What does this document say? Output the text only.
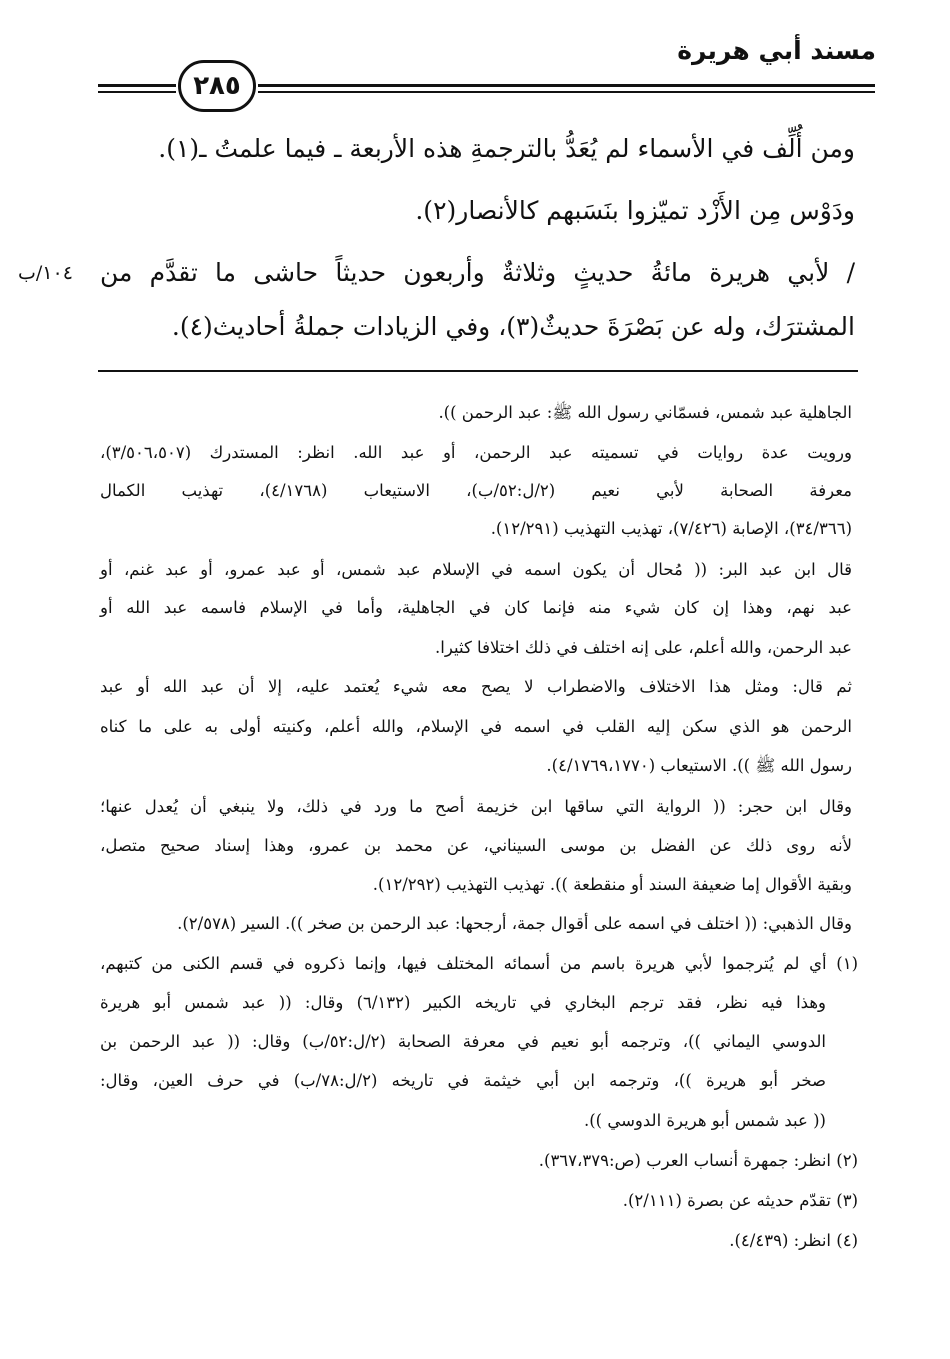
مسند أبي هريرة
٢٨٥
ومن أُلِّف في الأسماء لم يُعَدُّ بالترجمةِ هذه الأربعة ـ فيما علمتُ ـ(١).
ودَوْس مِن الأَزْد تميّزوا بنَسَبهم كالأنصار(٢).
/ لأبي هريرة مائةُ حديثٍ وثلاثةٌ وأربعون حديثاً حاشى ما تقدَّم من
المشترَك، وله عن بَصْرَةَ حديثٌ(٣)، وفي الزيادات جملةُ أحاديث(٤).
١٠٤/ب
الجاهلية عبد شمس، فسمّاني رسول الله ﷺ: عبد الرحمن )).
ورويت عدة روايات في تسميته عبد الرحمن، أو عبد الله. انظر: المستدرك (٣/٥٠٦،٥٠٧)،
معرفة الصحابة لأبي نعيم (٢/ل:٥٢/ب)، الاستيعاب (٤/١٧٦٨)، تهذيب الكمال
(٣٤/٣٦٦)، الإصابة (٧/٤٢٦)، تهذيب التهذيب (١٢/٢٩١).
قال ابن عبد البر: (( مُحال أن يكون اسمه في الإسلام عبد شمس، أو عبد عمرو، أو عبد غنم، أو
عبد نهم، وهذا إن كان شيء منه فإنما كان في الجاهلية، وأما في الإسلام فاسمه عبد الله أو
عبد الرحمن، والله أعلم، على إنه اختلف في ذلك اختلافا كثيرا.
ثم قال: ومثل هذا الاختلاف والاضطراب لا يصح معه شيء يُعتمد عليه، إلا أن عبد الله أو عبد
الرحمن هو الذي سكن إليه القلب في اسمه في الإسلام، والله أعلم، وكنيته أولى به على ما كناه
رسول الله ﷺ )). الاستيعاب (٤/١٧٦٩،١٧٧٠).
وقال ابن حجر: (( الرواية التي ساقها ابن خزيمة أصح ما ورد في ذلك، ولا ينبغي أن يُعدل عنها؛
لأنه روى ذلك عن الفضل بن موسى السيناني، عن محمد بن عمرو، وهذا إسناد صحيح متصل،
وبقية الأقوال إما ضعيفة السند أو منقطعة )). تهذيب التهذيب (١٢/٢٩٢).
وقال الذهبي: (( اختلف في اسمه على أقوال جمة، أرجحها: عبد الرحمن بن صخر )). السير (٢/٥٧٨).
(١) أي لم يُترجموا لأبي هريرة باسم من أسمائه المختلف فيها، وإنما ذكروه في قسم الكنى من كتبهم،
وهذا فيه نظر، فقد ترجم البخاري في تاريخه الكبير (٦/١٣٢) وقال: (( عبد شمس أبو هريرة
الدوسي اليماني ))، وترجمه أبو نعيم في معرفة الصحابة (٢/ل:٥٢/ب) وقال: (( عبد الرحمن بن
صخر أبو هريرة ))، وترجمه ابن أبي خيثمة في تاريخه (٢/ل:٧٨/ب) في حرف العين، وقال:
(( عبد شمس أبو هريرة الدوسي )).
(٢) انظر: جمهرة أنساب العرب (ص:٣٦٧،٣٧٩).
(٣) تقدّم حديثه عن بصرة (٢/١١١).
(٤) انظر: (٤/٤٣٩).
